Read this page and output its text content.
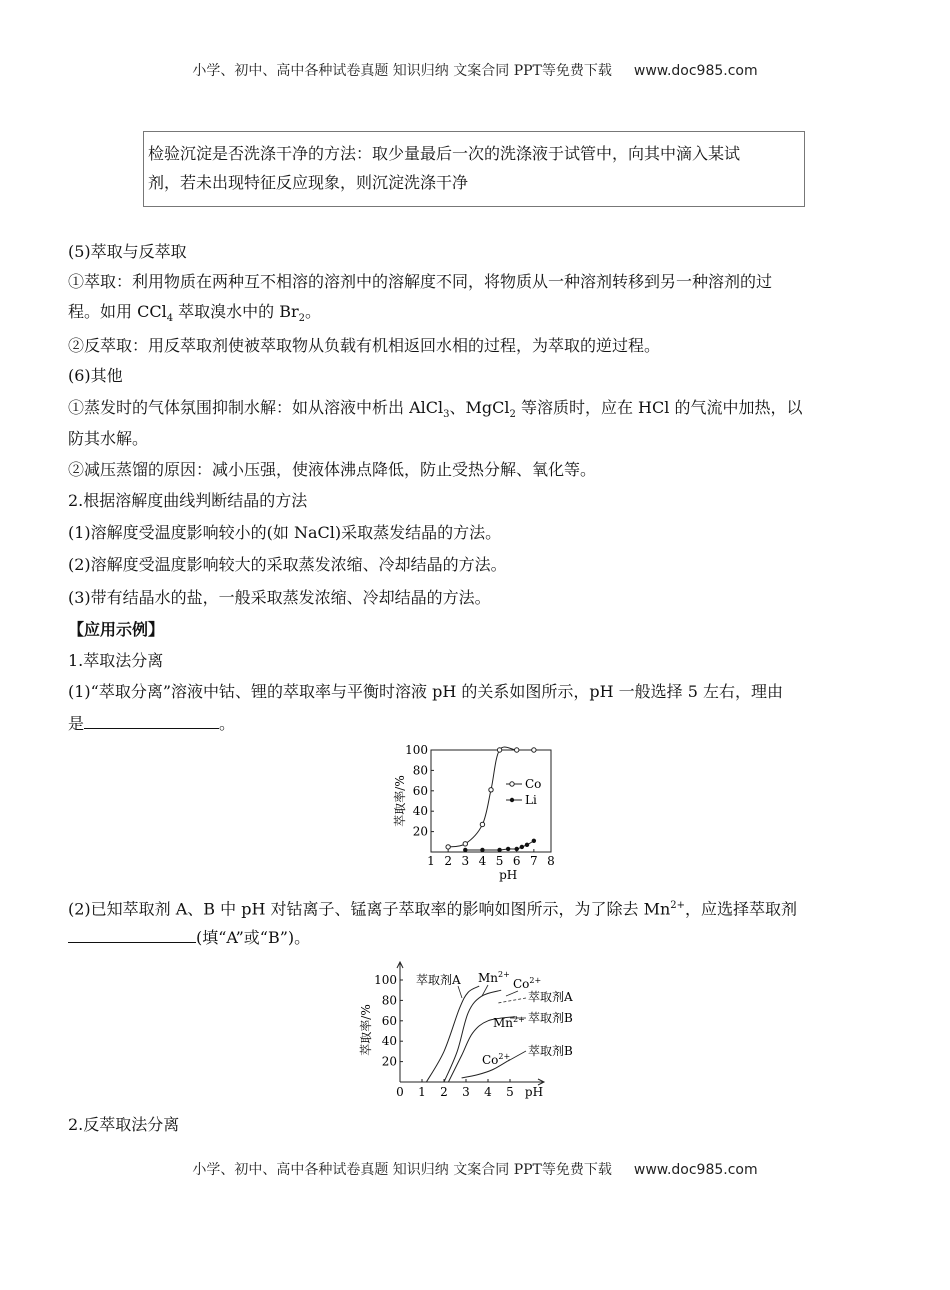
小学、初中、高中各种试卷真题 知识归纳 文案合同 PPT等免费下载 www.doc985.com
检验沉淀是否洗涤干净的方法：取少量最后一次的洗涤液于试管中，向其中滴入某试
剂，若未出现特征反应现象，则沉淀洗涤干净
(5)萃取与反萃取
①萃取：利用物质在两种互不相溶的溶剂中的溶解度不同，将物质从一种溶剂转移到另一种溶剂的过
程。如用 CCl$_4$ 萃取溴水中的 $Br_2$。
②反萃取：用反萃取剂使被萃取物从负载有机相返回水相的过程，为萃取的逆过程。
(6)其他
①蒸发时的气体氛围抑制水解：如从溶液中析出 AlCl$_3$、MgCl$_2$ 等溶质时，应在 HCl 的气流中加热，以
防其水解。
②减压蒸馏的原因：减小压强，使液体沸点降低，防止受热分解、氧化等。
2.根据溶解度曲线判断结晶的方法
(1)溶解度受温度影响较小的(如 NaCl)采取蒸发结晶的方法。
(2)溶解度受温度影响较大的采取蒸发浓缩、冷却结晶的方法。
(3)带有结晶水的盐，一般采取蒸发浓缩、冷却结晶的方法。
【应用示例】
1.萃取法分离
(1)“萃取分离”溶液中钴、锂的萃取率与平衡时溶液 pH 的关系如图所示，pH 一般选择 5 左右，理由
是	。
1 2 3 4 5 6 7 8
20
40
60
80
100
pH
萃取率/%	Co
Li
(2)已知萃取剂 A、B 中 pH 对钴离子、锰离子萃取率的影响如图所示，为了除去 $Mn^{2+}$，应选择萃取剂
(填“A”或“B”)。
0 1 2 3 4 5 pH
20
40
60
80
100
萃取率/%
萃取剂A $Mn^{2+}$
$Co^{2+}$
萃取剂A
萃取剂B
$Mn^{2+}$
萃取剂B
$Co^{2+}$
2.反萃取法分离
小学、初中、高中各种试卷真题 知识归纳 文案合同 PPT等免费下载 www.doc985.com
